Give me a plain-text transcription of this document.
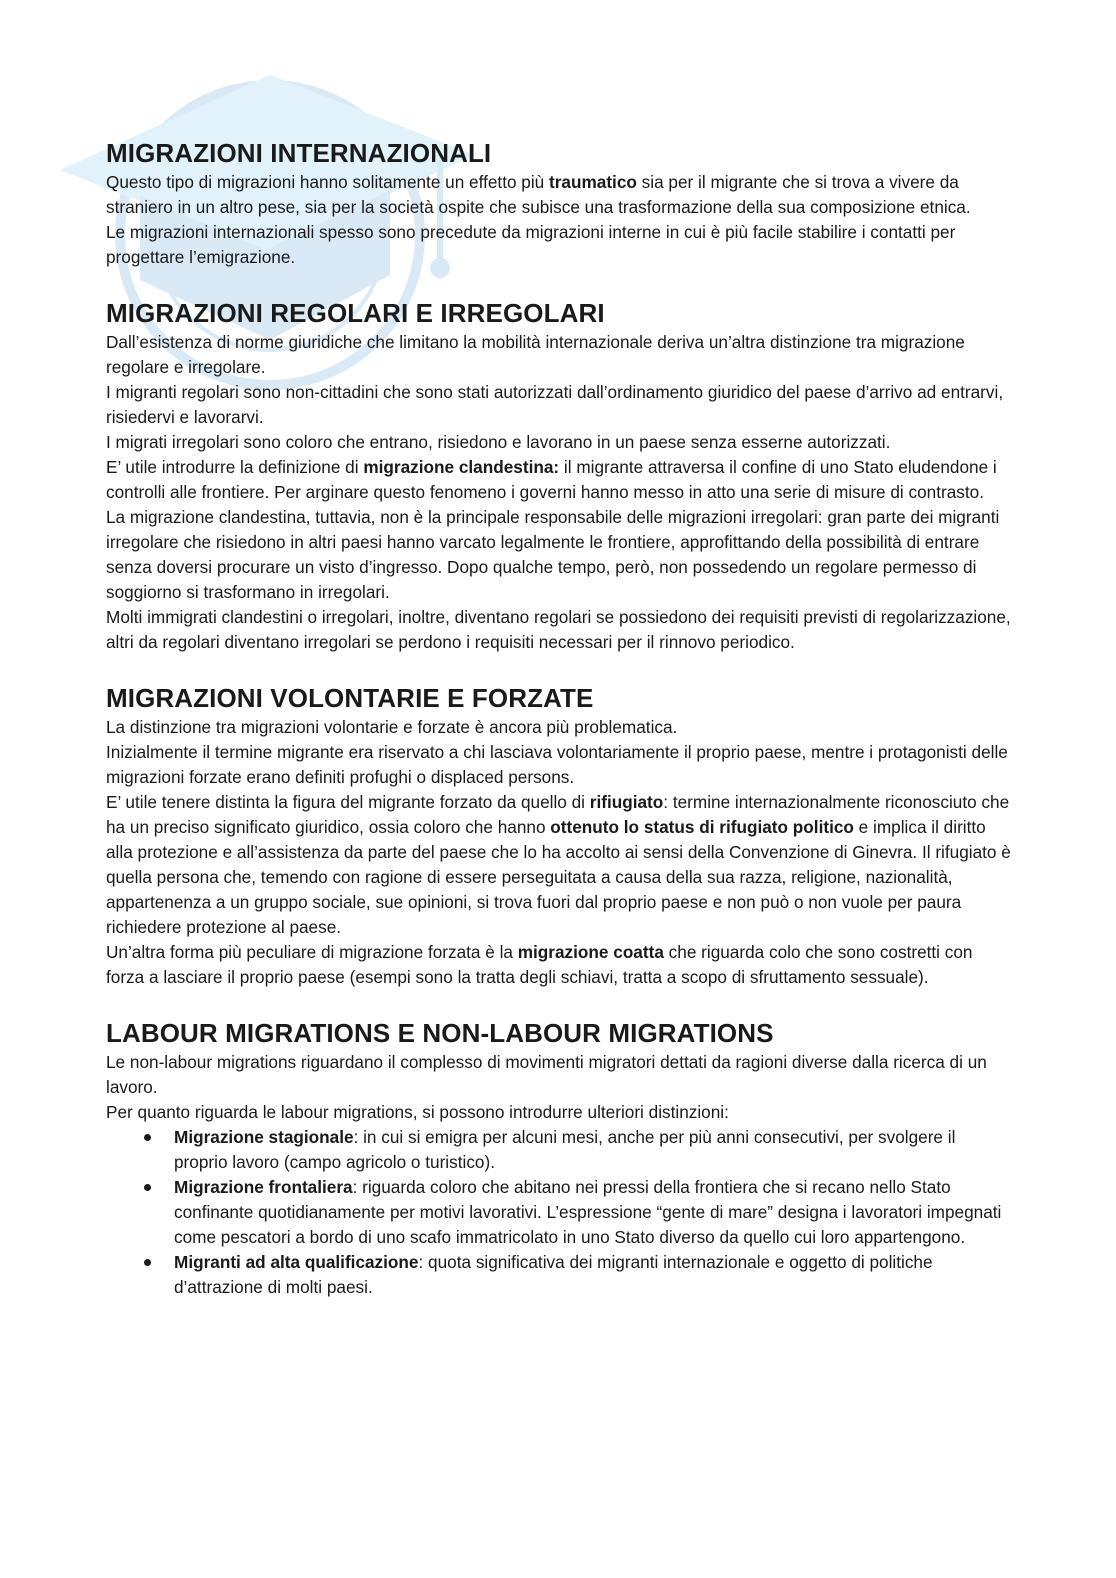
MIGRAZIONI INTERNAZIONALI

Questo tipo di migrazioni hanno solitamente un effetto più traumatico sia per il migrante che si trova a vivere da straniero in un altro pese, sia per la società ospite che subisce una trasformazione della sua composizione etnica.

Le migrazioni internazionali spesso sono precedute da migrazioni interne in cui è più facile stabilire i contatti per progettare l’emigrazione.

MIGRAZIONI REGOLARI E IRREGOLARI

Dall’esistenza di norme giuridiche che limitano la mobilità internazionale deriva un’altra distinzione tra migrazione regolare e irregolare.

I migranti regolari sono non-cittadini che sono stati autorizzati dall’ordinamento giuridico del paese d’arrivo ad entrarvi, risiedervi e lavorarvi.

I migrati irregolari sono coloro che entrano, risiedono e lavorano in un paese senza esserne autorizzati.

E’ utile introdurre la definizione di migrazione clandestina: il migrante attraversa il confine di uno Stato eludendone i controlli alle frontiere. Per arginare questo fenomeno i governi hanno messo in atto una serie di misure di contrasto.

La migrazione clandestina, tuttavia, non è la principale responsabile delle migrazioni irregolari: gran parte dei migranti irregolare che risiedono in altri paesi hanno varcato legalmente le frontiere, approfittando della possibilità di entrare senza doversi procurare un visto d’ingresso. Dopo qualche tempo, però, non possedendo un regolare permesso di soggiorno si trasformano in irregolari.

Molti immigrati clandestini o irregolari, inoltre, diventano regolari se possiedono dei requisiti previsti di regolarizzazione, altri da regolari diventano irregolari se perdono i requisiti necessari per il rinnovo periodico.

MIGRAZIONI VOLONTARIE E FORZATE

La distinzione tra migrazioni volontarie e forzate è ancora più problematica.

Inizialmente il termine migrante era riservato a chi lasciava volontariamente il proprio paese, mentre i protagonisti delle migrazioni forzate erano definiti profughi o displaced persons.

E’ utile tenere distinta la figura del migrante forzato da quello di rifiugiato: termine internazionalmente riconosciuto che ha un preciso significato giuridico, ossia coloro che hanno ottenuto lo status di rifugiato politico e implica il diritto alla protezione e all’assistenza da parte del paese che lo ha accolto ai sensi della Convenzione di Ginevra. Il rifugiato è quella persona che, temendo con ragione di essere perseguitata a causa della sua razza, religione, nazionalità, appartenenza a un gruppo sociale, sue opinioni, si trova fuori dal proprio paese e non può o non vuole per paura richiedere protezione al paese.

Un’altra forma più peculiare di migrazione forzata è la migrazione coatta che riguarda colo che sono costretti con forza a lasciare il proprio paese (esempi sono la tratta degli schiavi, tratta a scopo di sfruttamento sessuale).

LABOUR MIGRATIONS E NON-LABOUR MIGRATIONS

Le non-labour migrations riguardano il complesso di movimenti migratori dettati da ragioni diverse dalla ricerca di un lavoro.

Per quanto riguarda le labour migrations, si possono introdurre ulteriori distinzioni:

Migrazione stagionale: in cui si emigra per alcuni mesi, anche per più anni consecutivi, per svolgere il proprio lavoro (campo agricolo o turistico).
Migrazione frontaliera: riguarda coloro che abitano nei pressi della frontiera che si recano nello Stato confinante quotidianamente per motivi lavorativi. L’espressione “gente di mare” designa i lavoratori impegnati come pescatori a bordo di uno scafo immatricolato in uno Stato diverso da quello cui loro appartengono.
Migranti ad alta qualificazione: quota significativa dei migranti internazionale e oggetto di politiche d’attrazione di molti paesi.
